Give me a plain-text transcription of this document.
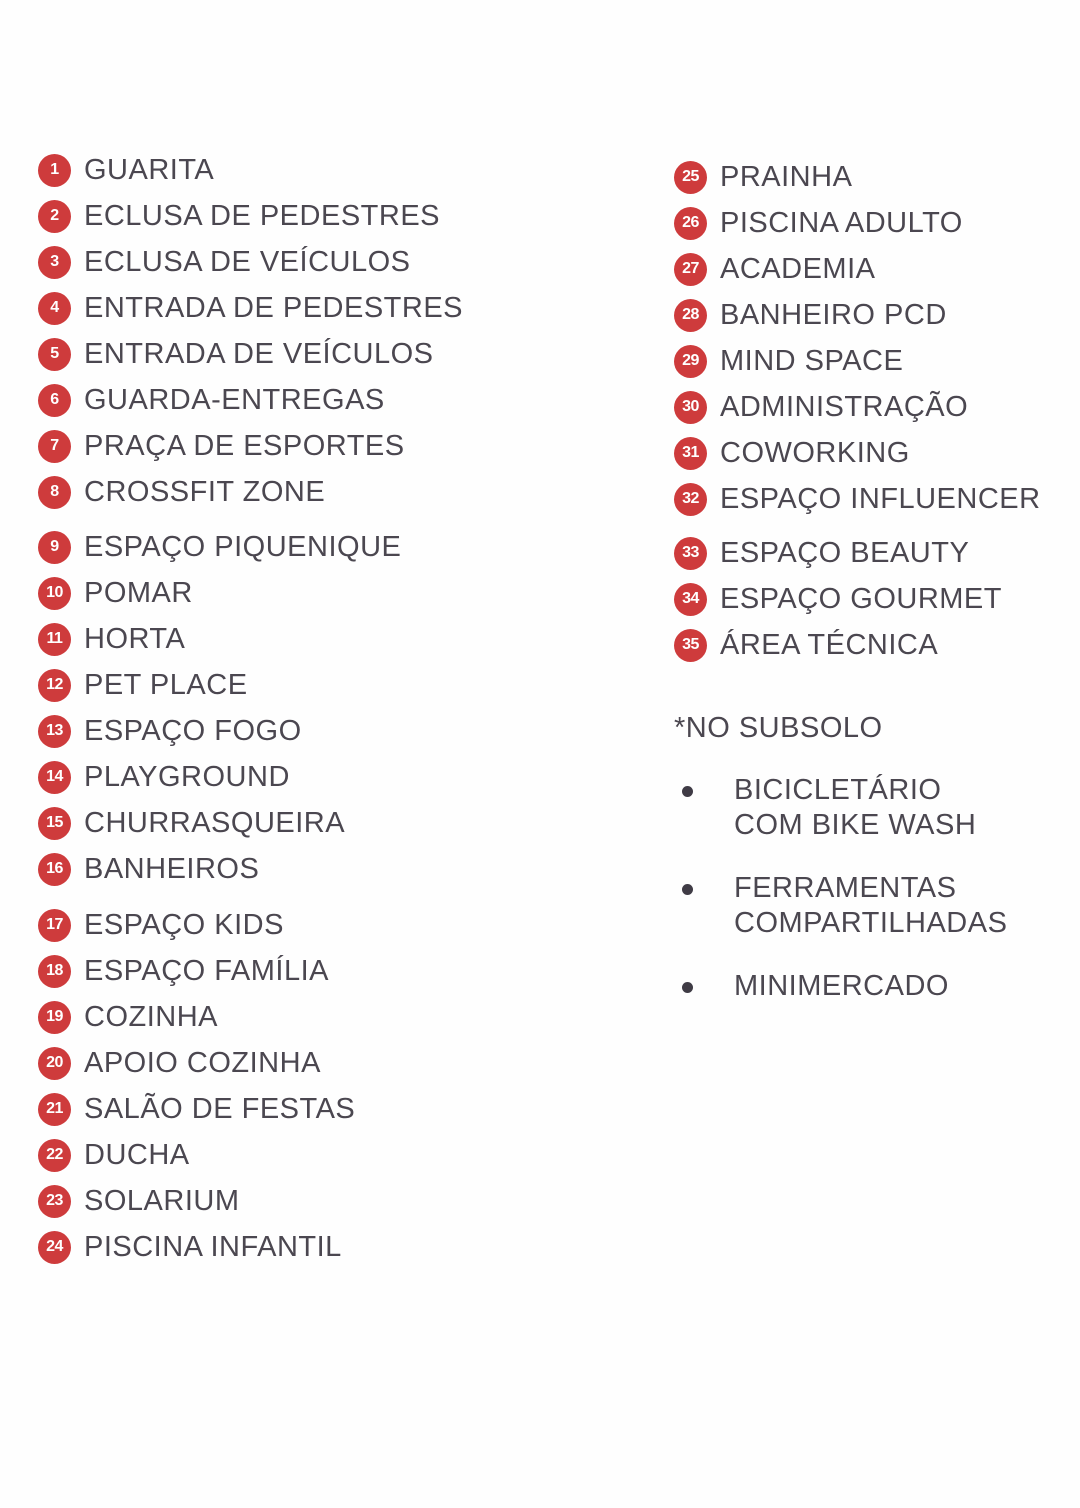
1 GUARITA
2 ECLUSA DE PEDESTRES
3 ECLUSA DE VEÍCULOS
4 ENTRADA DE PEDESTRES
5 ENTRADA DE VEÍCULOS
6 GUARDA-ENTREGAS
7 PRAÇA DE ESPORTES
8 CROSSFIT ZONE
9 ESPAÇO PIQUENIQUE
10 POMAR
11 HORTA
12 PET PLACE
13 ESPAÇO FOGO
14 PLAYGROUND
15 CHURRASQUEIRA
16 BANHEIROS
17 ESPAÇO KIDS
18 ESPAÇO FAMÍLIA
19 COZINHA
20 APOIO COZINHA
21 SALÃO DE FESTAS
22 DUCHA
23 SOLARIUM
24 PISCINA INFANTIL
25 PRAINHA
26 PISCINA ADULTO
27 ACADEMIA
28 BANHEIRO PCD
29 MIND SPACE
30 ADMINISTRAÇÃO
31 COWORKING
32 ESPAÇO INFLUENCER
33 ESPAÇO BEAUTY
34 ESPAÇO GOURMET
35 ÁREA TÉCNICA
*NO SUBSOLO
BICICLETÁRIO
COM BIKE WASH
FERRAMENTAS
COMPARTILHADAS
MINIMERCADO
